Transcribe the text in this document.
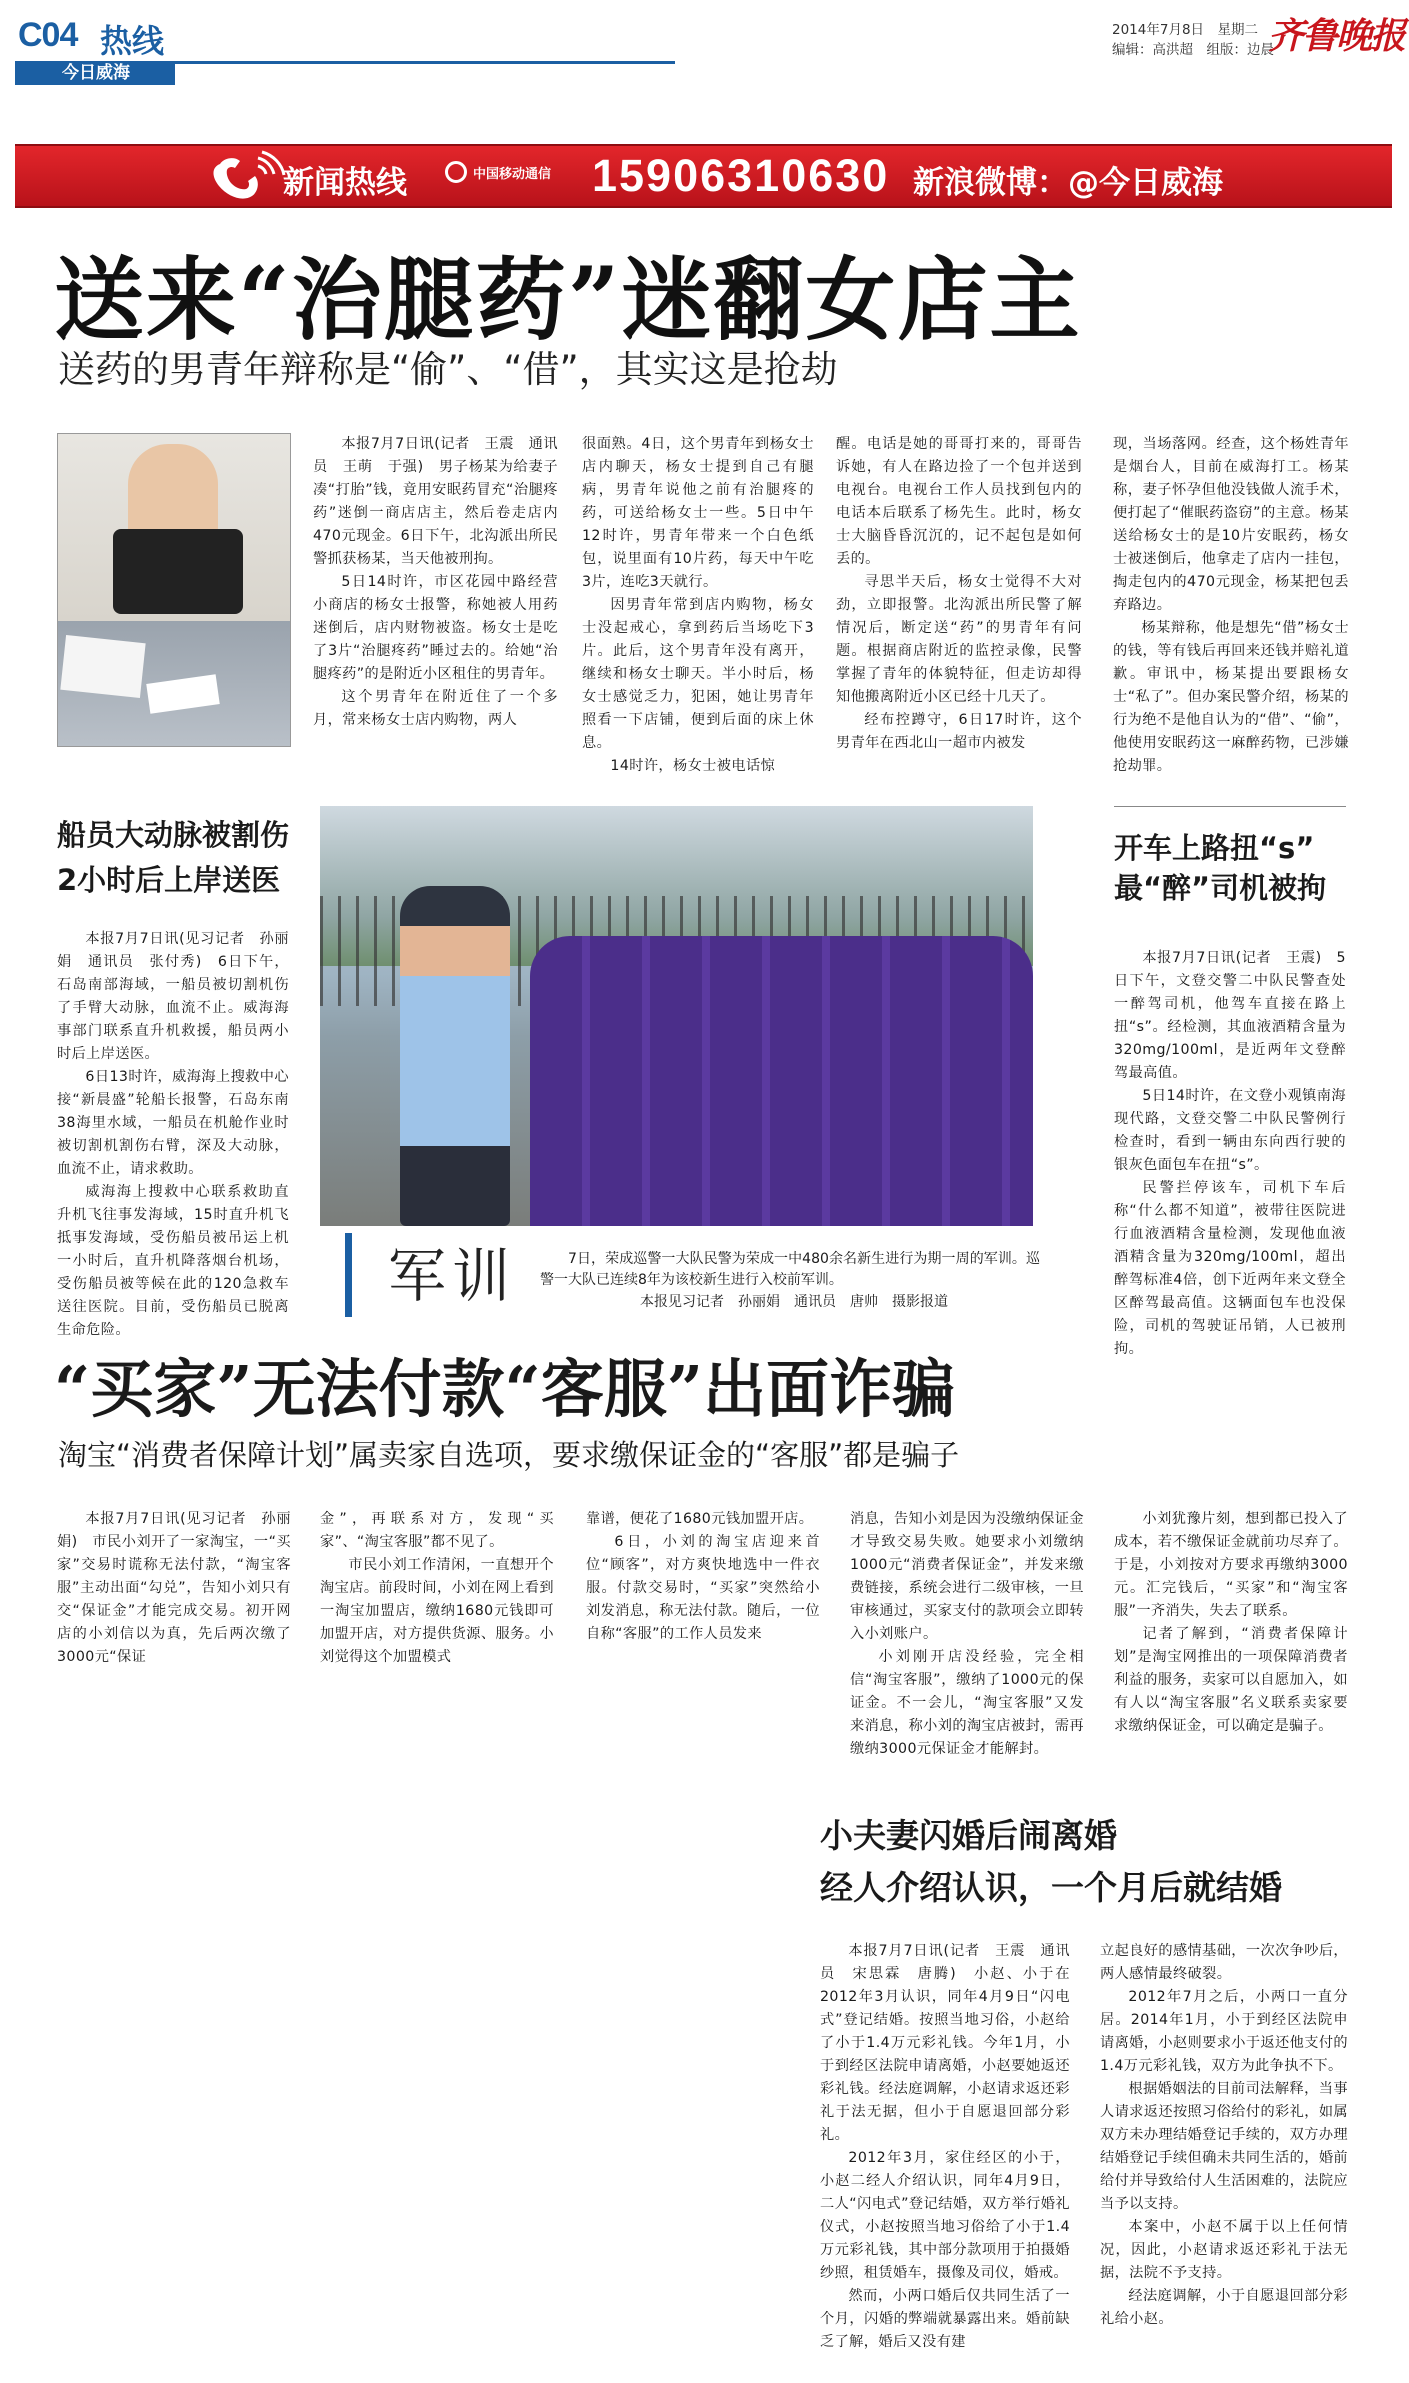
C04 热线
今日威海
2014年7月8日　星期二
编辑：高洪超　组版：边晨
齐鲁晚报
新闻热线	中国移动通信 15906310630 新浪微博：@今日威海
送来“治腿药”迷翻女店主
送药的男青年辩称是“偷”、“借”，其实这是抢劫

本报7月7日讯(记者　王震　通讯员　王萌　于强)　男子杨某为给妻子凑“打胎”钱，竟用安眠药冒充“治腿疼药”迷倒一商店店主，然后卷走店内470元现金。6日下午，北沟派出所民警抓获杨某，当天他被刑拘。

5日14时许，市区花园中路经营小商店的杨女士报警，称她被人用药迷倒后，店内财物被盗。杨女士是吃了3片“治腿疼药”睡过去的。给她“治腿疼药”的是附近小区租住的男青年。

这个男青年在附近住了一个多月，常来杨女士店内购物，两人

很面熟。4日，这个男青年到杨女士店内聊天，杨女士提到自己有腿病，男青年说他之前有治腿疼的药，可送给杨女士一些。5日中午12时许，男青年带来一个白色纸包，说里面有10片药，每天中午吃3片，连吃3天就行。

因男青年常到店内购物，杨女士没起戒心，拿到药后当场吃下3片。此后，这个男青年没有离开，继续和杨女士聊天。半小时后，杨女士感觉乏力，犯困，她让男青年照看一下店铺，便到后面的床上休息。

14时许，杨女士被电话惊

醒。电话是她的哥哥打来的，哥哥告诉她，有人在路边捡了一个包并送到电视台。电视台工作人员找到包内的电话本后联系了杨先生。此时，杨女士大脑昏昏沉沉的，记不起包是如何丢的。

寻思半天后，杨女士觉得不大对劲，立即报警。北沟派出所民警了解情况后，断定送“药”的男青年有问题。根据商店附近的监控录像，民警掌握了青年的体貌特征，但走访却得知他搬离附近小区已经十几天了。

经布控蹲守，6日17时许，这个男青年在西北山一超市内被发

现，当场落网。经查，这个杨姓青年是烟台人，目前在威海打工。杨某称，妻子怀孕但他没钱做人流手术，便打起了“催眠药盗窃”的主意。杨某送给杨女士的是10片安眠药，杨女士被迷倒后，他拿走了店内一挂包，掏走包内的470元现金，杨某把包丢弃路边。

杨某辩称，他是想先“借”杨女士的钱，等有钱后再回来还钱并赔礼道歉。审讯中，杨某提出要跟杨女士“私了”。但办案民警介绍，杨某的行为绝不是他自认为的“借”、“偷”，他使用安眠药这一麻醉药物，已涉嫌抢劫罪。

船员大动脉被割伤
2小时后上岸送医

本报7月7日讯(见习记者　孙丽娟　通讯员　张付秀)　6日下午，石岛南部海域，一船员被切割机伤了手臂大动脉，血流不止。威海海事部门联系直升机救援，船员两小时后上岸送医。

6日13时许，威海海上搜救中心接“新晨盛”轮船长报警，石岛东南38海里水域，一船员在机舱作业时被切割机割伤右臂，深及大动脉，血流不止，请求救助。

威海海上搜救中心联系救助直升机飞往事发海域，15时直升机飞抵事发海域，受伤船员被吊运上机一小时后，直升机降落烟台机场，受伤船员被等候在此的120急救车送往医院。目前，受伤船员已脱离生命危险。

军训	7日，荣成巡警一大队民警为荣成一中480余名新生进行为期一周的军训。巡警一大队已连续8年为该校新生进行入校前军训。
本报见习记者　孙丽娟　通讯员　唐帅　摄影报道
开车上路扭“s”
最“醉”司机被拘

本报7月7日讯(记者　王震)　5日下午，文登交警二中队民警查处一醉驾司机，他驾车直接在路上扭“s”。经检测，其血液酒精含量为320mg/100ml，是近两年文登醉驾最高值。

5日14时许，在文登小观镇南海现代路，文登交警二中队民警例行检查时，看到一辆由东向西行驶的银灰色面包车在扭“s”。

民警拦停该车，司机下车后称“什么都不知道”，被带往医院进行血液酒精含量检测，发现他血液酒精含量为320mg/100ml，超出醉驾标准4倍，创下近两年来文登全区醉驾最高值。这辆面包车也没保险，司机的驾驶证吊销，人已被刑拘。

“买家”无法付款“客服”出面诈骗
淘宝“消费者保障计划”属卖家自选项，要求缴保证金的“客服”都是骗子

本报7月7日讯(见习记者　孙丽娟)　市民小刘开了一家淘宝，一“买家”交易时谎称无法付款，“淘宝客服”主动出面“勾兑”，告知小刘只有交“保证金”才能完成交易。初开网店的小刘信以为真，先后两次缴了3000元“保证

金”，再联系对方，发现“买家”、“淘宝客服”都不见了。

市民小刘工作清闲，一直想开个淘宝店。前段时间，小刘在网上看到一淘宝加盟店，缴纳1680元钱即可加盟开店，对方提供货源、服务。小刘觉得这个加盟模式

靠谱，便花了1680元钱加盟开店。

6日，小刘的淘宝店迎来首位“顾客”，对方爽快地选中一件衣服。付款交易时，“买家”突然给小刘发消息，称无法付款。随后，一位自称“客服”的工作人员发来

消息，告知小刘是因为没缴纳保证金才导致交易失败。她要求小刘缴纳1000元“消费者保证金”，并发来缴费链接，系统会进行二级审核，一旦审核通过，买家支付的款项会立即转入小刘账户。

小刘刚开店没经验，完全相信“淘宝客服”，缴纳了1000元的保证金。不一会儿，“淘宝客服”又发来消息，称小刘的淘宝店被封，需再缴纳3000元保证金才能解封。

小刘犹豫片刻，想到都已投入了成本，若不缴保证金就前功尽弃了。于是，小刘按对方要求再缴纳3000元。汇完钱后，“买家”和“淘宝客服”一齐消失，失去了联系。

记者了解到，“消费者保障计划”是淘宝网推出的一项保障消费者利益的服务，卖家可以自愿加入，如有人以“淘宝客服”名义联系卖家要求缴纳保证金，可以确定是骗子。

小夫妻闪婚后闹离婚
经人介绍认识，一个月后就结婚

本报7月7日讯(记者　王震　通讯员　宋思霖　唐腾)　小赵、小于在2012年3月认识，同年4月9日“闪电式”登记结婚。按照当地习俗，小赵给了小于1.4万元彩礼钱。今年1月，小于到经区法院申请离婚，小赵要她返还彩礼钱。经法庭调解，小赵请求返还彩礼于法无据，但小于自愿退回部分彩礼。

2012年3月，家住经区的小于，小赵二经人介绍认识，同年4月9日，二人“闪电式”登记结婚，双方举行婚礼仪式，小赵按照当地习俗给了小于1.4万元彩礼钱，其中部分款项用于拍摄婚纱照，租赁婚车，摄像及司仪，婚戒。

然而，小两口婚后仅共同生活了一个月，闪婚的弊端就暴露出来。婚前缺乏了解，婚后又没有建

立起良好的感情基础，一次次争吵后，两人感情最终破裂。

2012年7月之后，小两口一直分居。2014年1月，小于到经区法院申请离婚，小赵则要求小于返还他支付的1.4万元彩礼钱，双方为此争执不下。

根据婚姻法的目前司法解释，当事人请求返还按照习俗给付的彩礼，如属双方未办理结婚登记手续的，双方办理结婚登记手续但确未共同生活的，婚前给付并导致给付人生活困难的，法院应当予以支持。

本案中，小赵不属于以上任何情况，因此，小赵请求返还彩礼于法无据，法院不予支持。

经法庭调解，小于自愿退回部分彩礼给小赵。
